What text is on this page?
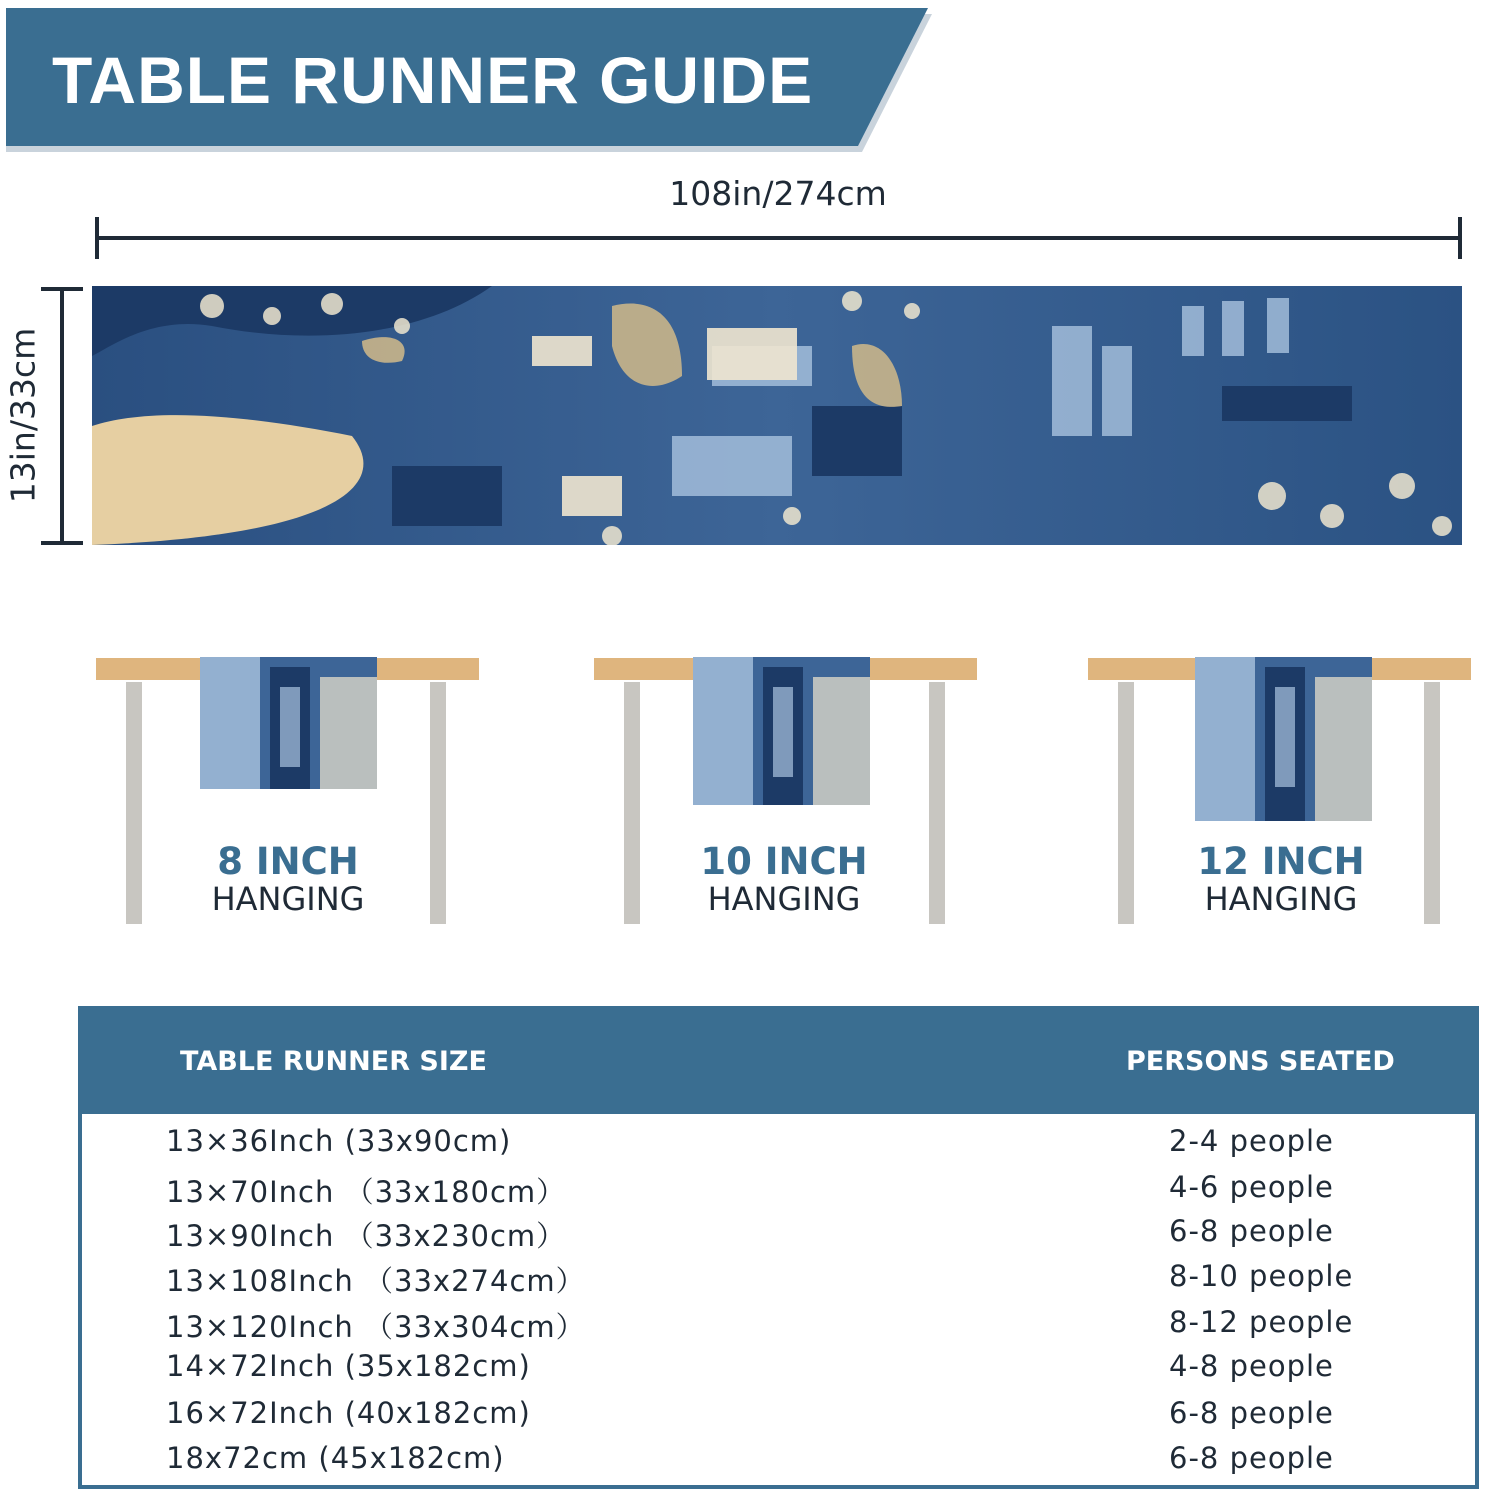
TABLE RUNNER GUIDE
108in/274cm
13in/33cm
8 INCH
HANGING
10 INCH
HANGING
12 INCH
HANGING
TABLE RUNNER SIZE	PERSONS SEATED
13×36Inch (33x90cm)	2-4 people
13×70Inch （33x180cm）	4-6 people
13×90Inch （33x230cm）	6-8 people
13×108Inch （33x274cm）	8-10 people
13×120Inch （33x304cm）	8-12 people
14×72Inch (35x182cm)	4-8 people
16×72Inch (40x182cm)	6-8 people
18x72cm (45x182cm)	6-8 people
